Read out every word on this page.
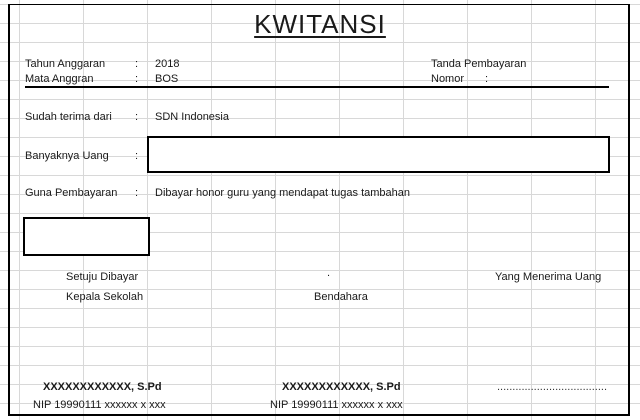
KWITANSI
Tahun Anggaran	: 2018
Mata Anggran	: BOS
Tanda Pembayaran
Nomor :
Sudah terima dari : SDN Indonesia
Banyaknya Uang :
Guna Pembayaran : Dibayar honor guru yang mendapat tugas tambahan
Setuju Dibayar	.	Yang Menerima Uang
Kepala Sekolah	Bendahara
XXXXXXXXXXXX, S.Pd	XXXXXXXXXXXX, S.Pd	....................................
NIP 19990111 xxxxxx x xxx	NIP 19990111 xxxxxx x xxx
